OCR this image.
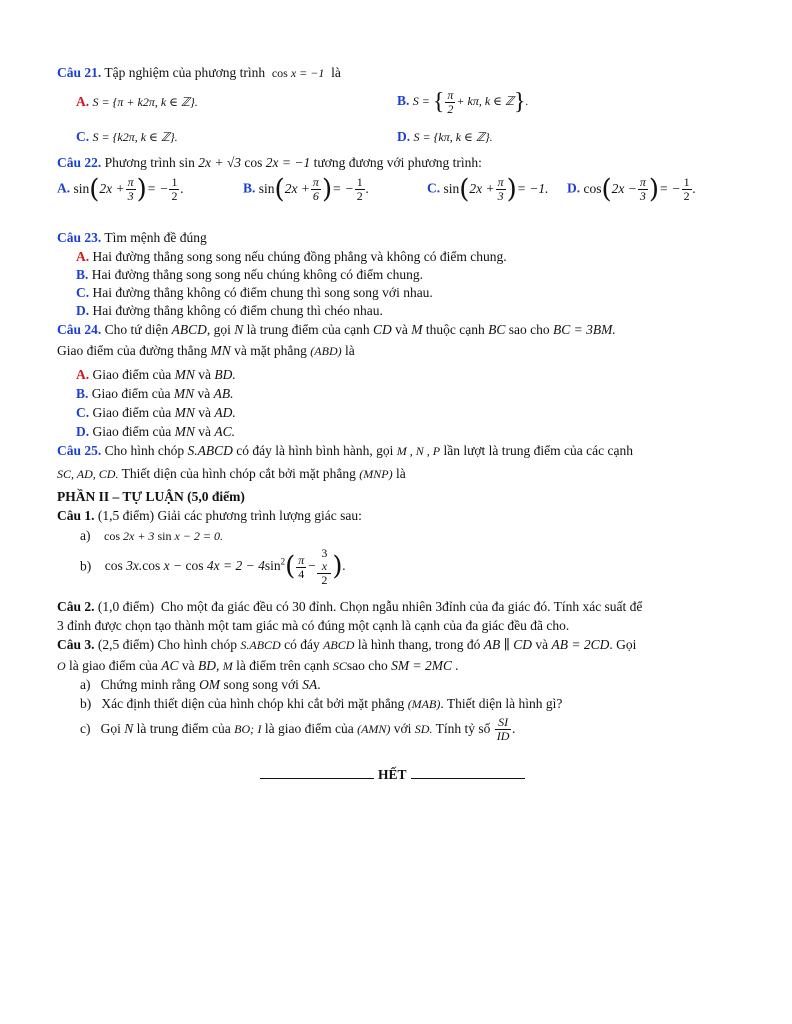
Câu 21. Tập nghiệm của phương trình cos x = −1 là
A. S = {π + k2π, k ∈ ℤ}.	B. S = { $\frac{\pi}{2} + k\pi$, k ∈ ℤ}.
C. S = {k2π, k ∈ ℤ}.	D. S = {kπ, k ∈ ℤ}.
Câu 22. Phương trình sin 2x + √3 cos 2x = −1 tương đương với phương trình:
A. $\sin(2x + \frac{\pi}{3}$ )= − $\frac{1}{2}$ .	B. $\sin(2x + \frac{\pi}{6}$ )= − $\frac{1}{2}$ .	C. $\sin(2x + \frac{\pi}{3}$ )= −1. D. $\cos(2x - \frac{\pi}{3}$ )= − $\frac{1}{2}$ .
Câu 23. Tìm mệnh đề đúng
A. Hai đường thẳng song song nếu chúng đồng phẳng và không có điểm chung.
B. Hai đường thẳng song song nếu chúng không có điểm chung.
C. Hai đường thẳng không có điểm chung thì song song với nhau.
D. Hai đường thẳng không có điểm chung thì chéo nhau.
Câu 24. Cho tứ diện ABCD, gọi N là trung điểm của cạnh CD và M thuộc cạnh BC sao cho BC = 3BM.
Giao điểm của đường thẳng MN và mặt phẳng (ABD) là
A. Giao điểm của MN và BD.
B. Giao điểm của MN và AB.
C. Giao điểm của MN và AD.
D. Giao điểm của MN và AC.
Câu 25. Cho hình chóp S.ABCD có đáy là hình bình hành, gọi M , N , P lần lượt là trung điểm của các cạnh
SC, AD, CD. Thiết diện của hình chóp cắt bởi mặt phẳng (MNP) là
PHẦN II – TỰ LUẬN (5,0 điểm)
Câu 1. (1,5 điểm) Giải các phương trình lượng giác sau:
a) cos 2x + 3 sin x − 2 = 0.
b) cos 3x.cos $x - \cos 4x = 2 - 4\sin^2( \frac{\pi}{4} - 3$
x
2 ).
Câu 2. (1,0 điểm) Cho một đa giác đều có 30 đỉnh. Chọn ngẫu nhiên 3đỉnh của đa giác đó. Tính xác suất để
3 đỉnh được chọn tạo thành một tam giác mà có đúng một cạnh là cạnh của đa giác đều đã cho.
Câu 3. (2,5 điểm) Cho hình chóp S.ABCD có đáy ABCD là hình thang, trong đó AB ∥ CD và AB = 2CD. Gọi
O là giao điểm của AC và BD, M là điểm trên cạnh SCsao cho SM = 2MC .
a) Chứng minh rằng OM song song với SA.
b) Xác định thiết diện của hình chóp khi cắt bởi mặt phẳng (MAB). Thiết diện là hình gì?
c) Gọi N là trung điểm của BO; I là giao điểm của (AMN) với SD. Tính tỷ số $\frac{SI}{ID}$ .
HẾT
